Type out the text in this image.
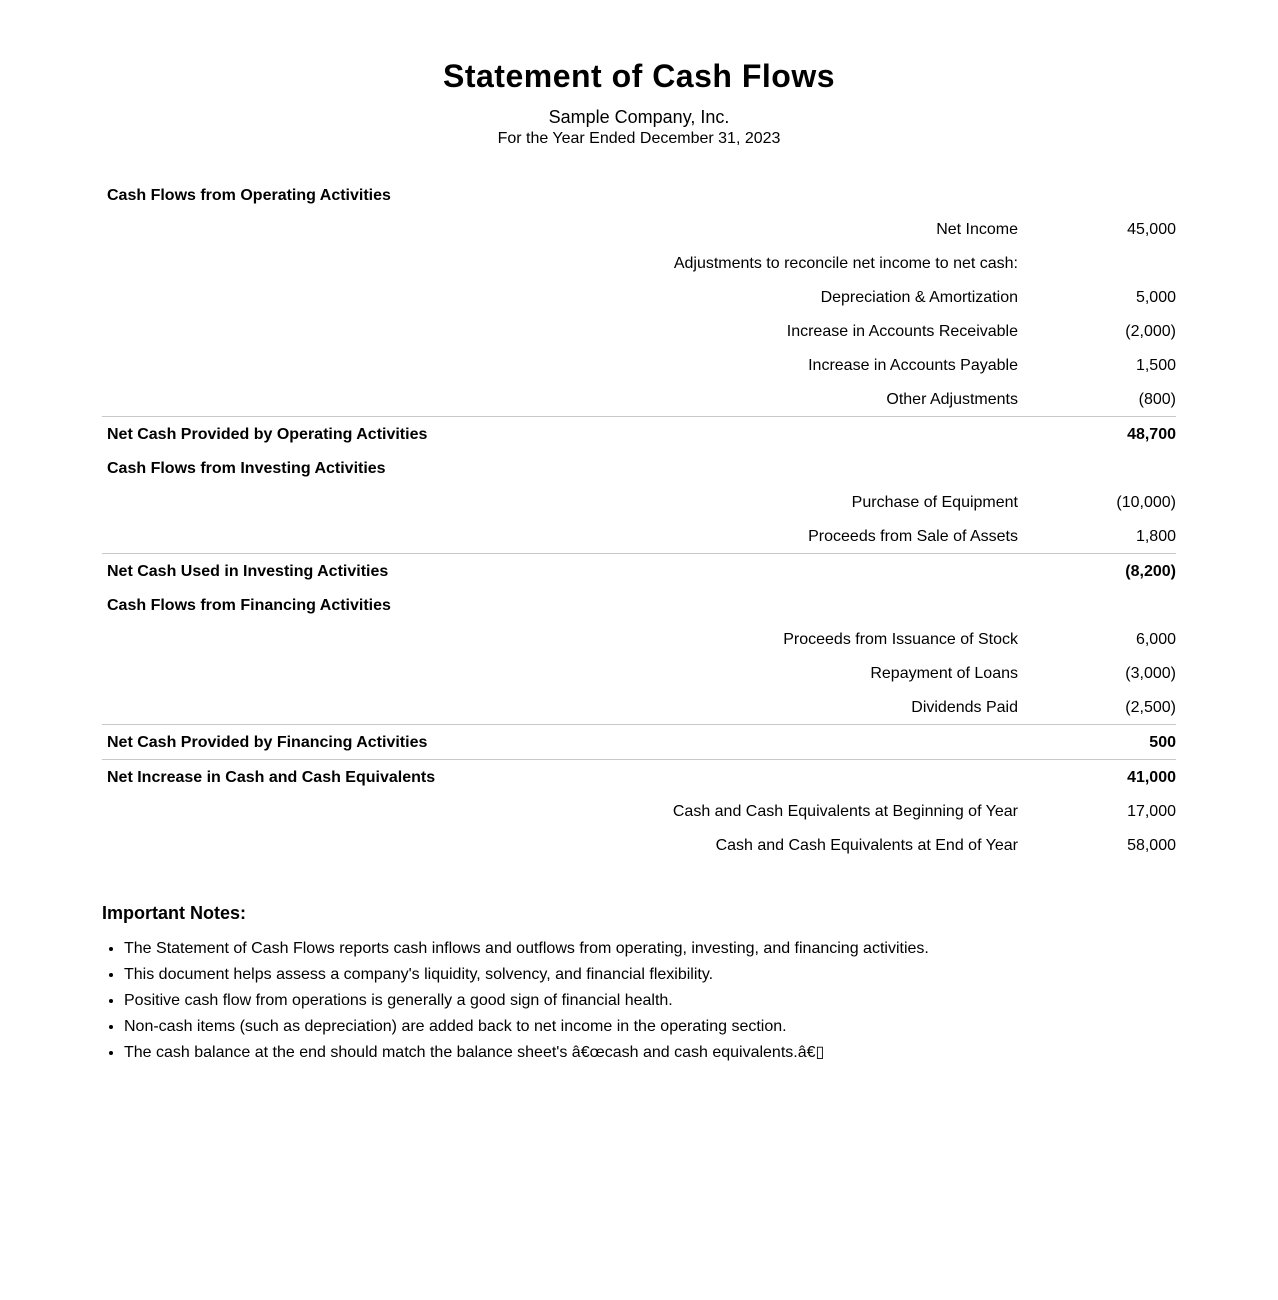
Statement of Cash Flows
Sample Company, Inc.
For the Year Ended December 31, 2023
Cash Flows from Operating Activities
Net Income	45,000
Adjustments to reconcile net income to net cash:
Depreciation & Amortization	5,000
Increase in Accounts Receivable	(2,000)
Increase in Accounts Payable	1,500
Other Adjustments	(800)
Net Cash Provided by Operating Activities	48,700
Cash Flows from Investing Activities
Purchase of Equipment	(10,000)
Proceeds from Sale of Assets	1,800
Net Cash Used in Investing Activities	(8,200)
Cash Flows from Financing Activities
Proceeds from Issuance of Stock	6,000
Repayment of Loans	(3,000)
Dividends Paid	(2,500)
Net Cash Provided by Financing Activities	500
Net Increase in Cash and Cash Equivalents	41,000
Cash and Cash Equivalents at Beginning of Year	17,000
Cash and Cash Equivalents at End of Year	58,000
Important Notes:
• The Statement of Cash Flows reports cash inflows and outflows from operating, investing, and financing activities.
• This document helps assess a company's liquidity, solvency, and financial flexibility.
• Positive cash flow from operations is generally a good sign of financial health.
• Non-cash items (such as depreciation) are added back to net income in the operating section.
• The cash balance at the end should match the balance sheet's â€œcash and cash equivalents.â€▯
